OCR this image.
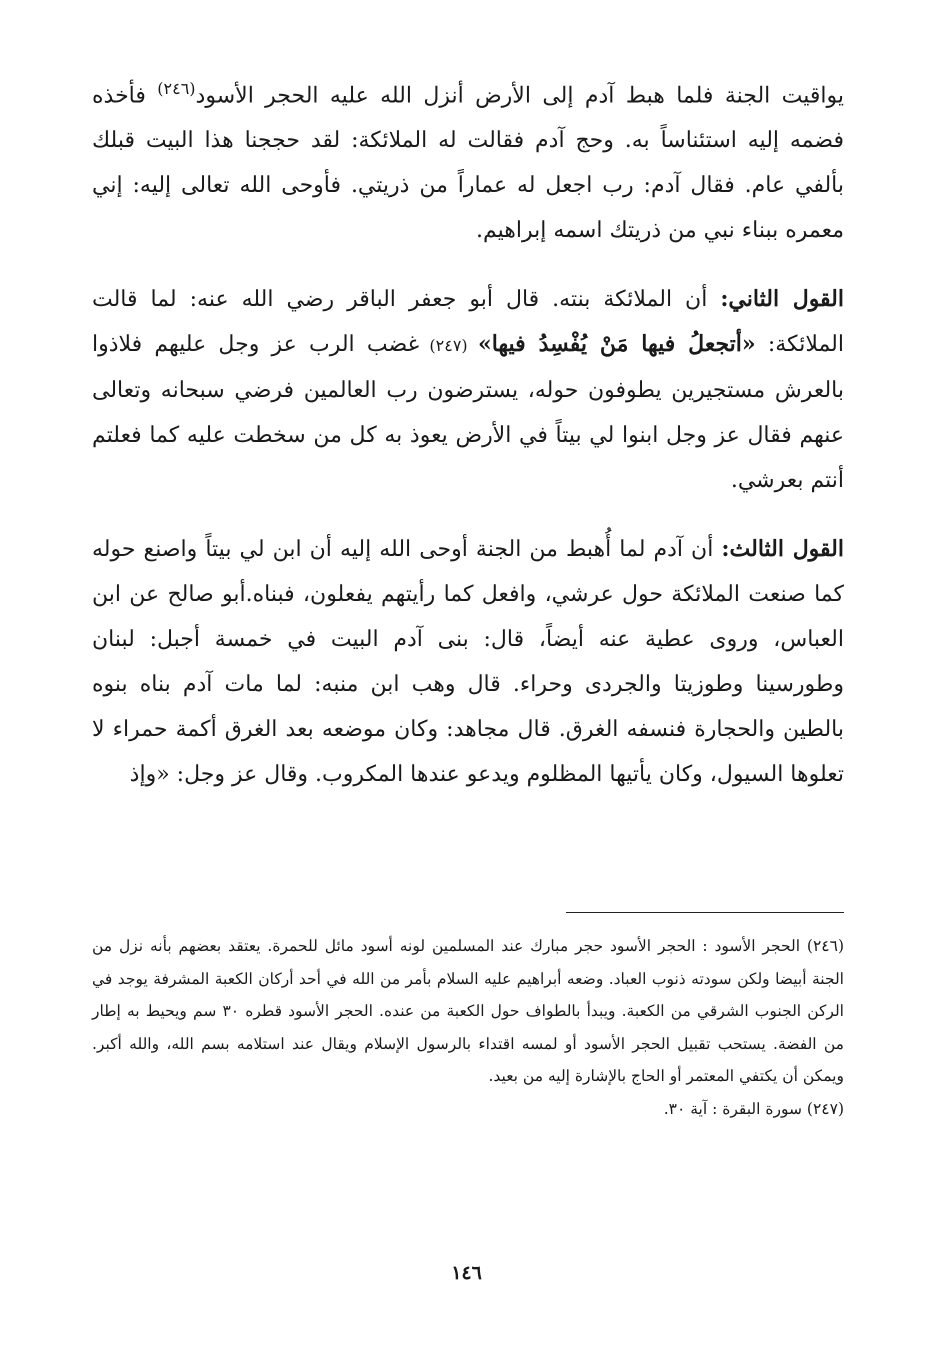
يواقيت الجنة فلما هبط آدم إلى الأرض أنزل الله عليه الحجر الأسود$^{(٢٤٦)}$ فأخذه فضمه إليه استئناساً به. وحج آدم فقالت له الملائكة: لقد حججنا هذا البيت قبلك بألفي عام. فقال آدم: رب اجعل له عماراً من ذريتي. فأوحى الله تعالى إليه: إني معمره ببناء نبي من ذريتك اسمه إبراهيم.

القول الثاني: أن الملائكة بنته. قال أبو جعفر الباقر رضي الله عنه: لما قالت الملائكة: «أتجعلُ فيها مَنْ يُفْسِدُ فيها» (٢٤٧) غضب الرب عز وجل عليهم فلاذوا بالعرش مستجيرين يطوفون حوله، يسترضون رب العالمين فرضي سبحانه وتعالى عنهم فقال عز وجل ابنوا لي بيتاً في الأرض يعوذ به كل من سخطت عليه كما فعلتم أنتم بعرشي.

القول الثالث: أن آدم لما أُهبط من الجنة أوحى الله إليه أن ابن لي بيتاً واصنع حوله كما صنعت الملائكة حول عرشي، وافعل كما رأيتهم يفعلون، فبناه.أبو صالح عن ابن العباس، وروى عطية عنه أيضاً، قال: بنى آدم البيت في خمسة أجبل: لبنان وطورسينا وطوزيتا والجردى وحراء. قال وهب ابن منبه: لما مات آدم بناه بنوه بالطين والحجارة فنسفه الغرق. قال مجاهد: وكان موضعه بعد الغرق أكمة حمراء لا تعلوها السيول، وكان يأتيها المظلوم ويدعو عندها المكروب. وقال عز وجل: «وإذ

(٢٤٦) الحجر الأسود : الحجر الأسود حجر مبارك عند المسلمين لونه أسود مائل للحمرة. يعتقد بعضهم بأنه نزل من الجنة أبيضا ولكن سودته ذنوب العباد. وضعه أبراهيم عليه السلام بأمر من الله في أحد أركان الكعبة المشرفة يوجد في الركن الجنوب الشرقي من الكعبة. ويبدأ بالطواف حول الكعبة من عنده. الحجر الأسود قطره ٣٠ سم ويحيط به إطار من الفضة. يستحب تقبيل الحجر الأسود أو لمسه اقتداء بالرسول الإسلام ويقال عند استلامه بسم الله، والله أكبر. ويمكن أن يكتفي المعتمر أو الحاج بالإشارة إليه من بعيد.

(٢٤٧) سورة البقرة : آية ٣٠.

١٤٦
